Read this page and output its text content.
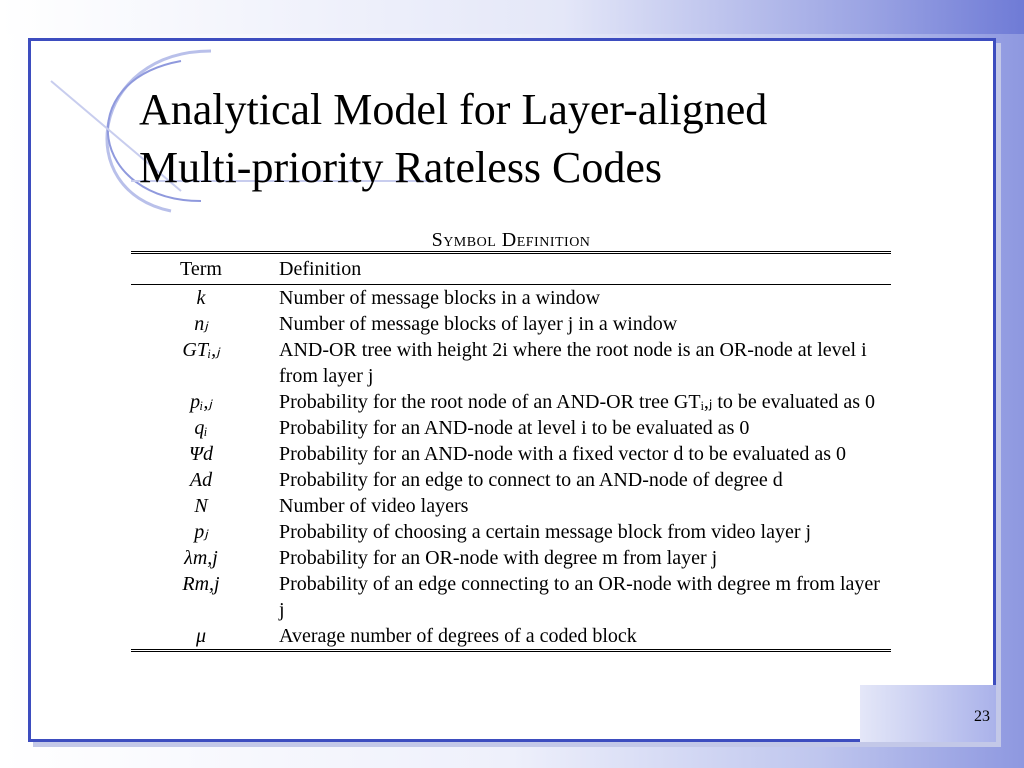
Analytical Model for Layer-aligned
Multi-priority Rateless Codes
Symbol Definition
Term	Definition
k	Number of message blocks in a window
nⱼ	Number of message blocks of layer j in a window
GTᵢ,ⱼ	AND-OR tree with height 2i where the root node is an OR-node at level i from layer j
pᵢ,ⱼ	Probability for the root node of an AND-OR tree GTᵢ,ⱼ to be evaluated as 0
qᵢ	Probability for an AND-node at level i to be evaluated as 0
Ψd	Probability for an AND-node with a fixed vector d to be evaluated as 0
Ad	Probability for an edge to connect to an AND-node of degree d
N	Number of video layers
pⱼ	Probability of choosing a certain message block from video layer j
λm,j	Probability for an OR-node with degree m from layer j
Rm,j	Probability of an edge connecting to an OR-node with degree m from layer j
μ	Average number of degrees of a coded block
23
